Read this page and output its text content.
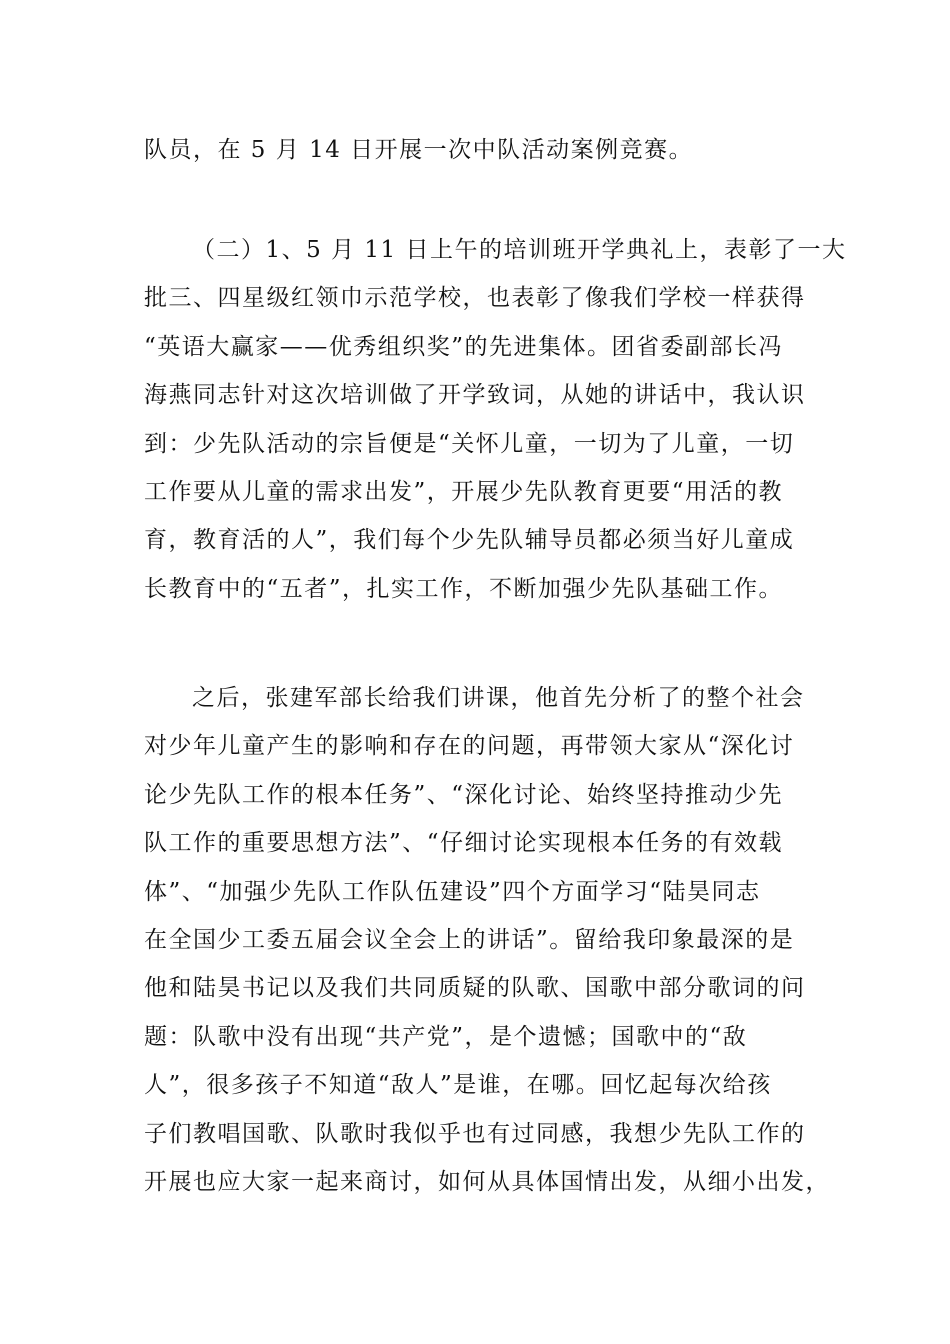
队员，在 5 月 14 日开展一次中队活动案例竞赛。
（二）1、5 月 11 日上午的培训班开学典礼上，表彰了一大
批三、四星级红领巾示范学校，也表彰了像我们学校一样获得
“英语大赢家——优秀组织奖”的先进集体。团省委副部长冯
海燕同志针对这次培训做了开学致词，从她的讲话中，我认识
到：少先队活动的宗旨便是“关怀儿童，一切为了儿童，一切
工作要从儿童的需求出发”，开展少先队教育更要“用活的教
育，教育活的人”，我们每个少先队辅导员都必须当好儿童成
长教育中的“五者”，扎实工作，不断加强少先队基础工作。
之后，张建军部长给我们讲课，他首先分析了的整个社会
对少年儿童产生的影响和存在的问题，再带领大家从“深化讨
论少先队工作的根本任务”、“深化讨论、始终坚持推动少先
队工作的重要思想方法”、“仔细讨论实现根本任务的有效载
体”、“加强少先队工作队伍建设”四个方面学习“陆昊同志
在全国少工委五届会议全会上的讲话”。留给我印象最深的是
他和陆昊书记以及我们共同质疑的队歌、国歌中部分歌词的问
题：队歌中没有出现“共产党”，是个遗憾；国歌中的“敌
人”，很多孩子不知道“敌人”是谁，在哪。回忆起每次给孩
子们教唱国歌、队歌时我似乎也有过同感，我想少先队工作的
开展也应大家一起来商讨，如何从具体国情出发，从细小出发，
